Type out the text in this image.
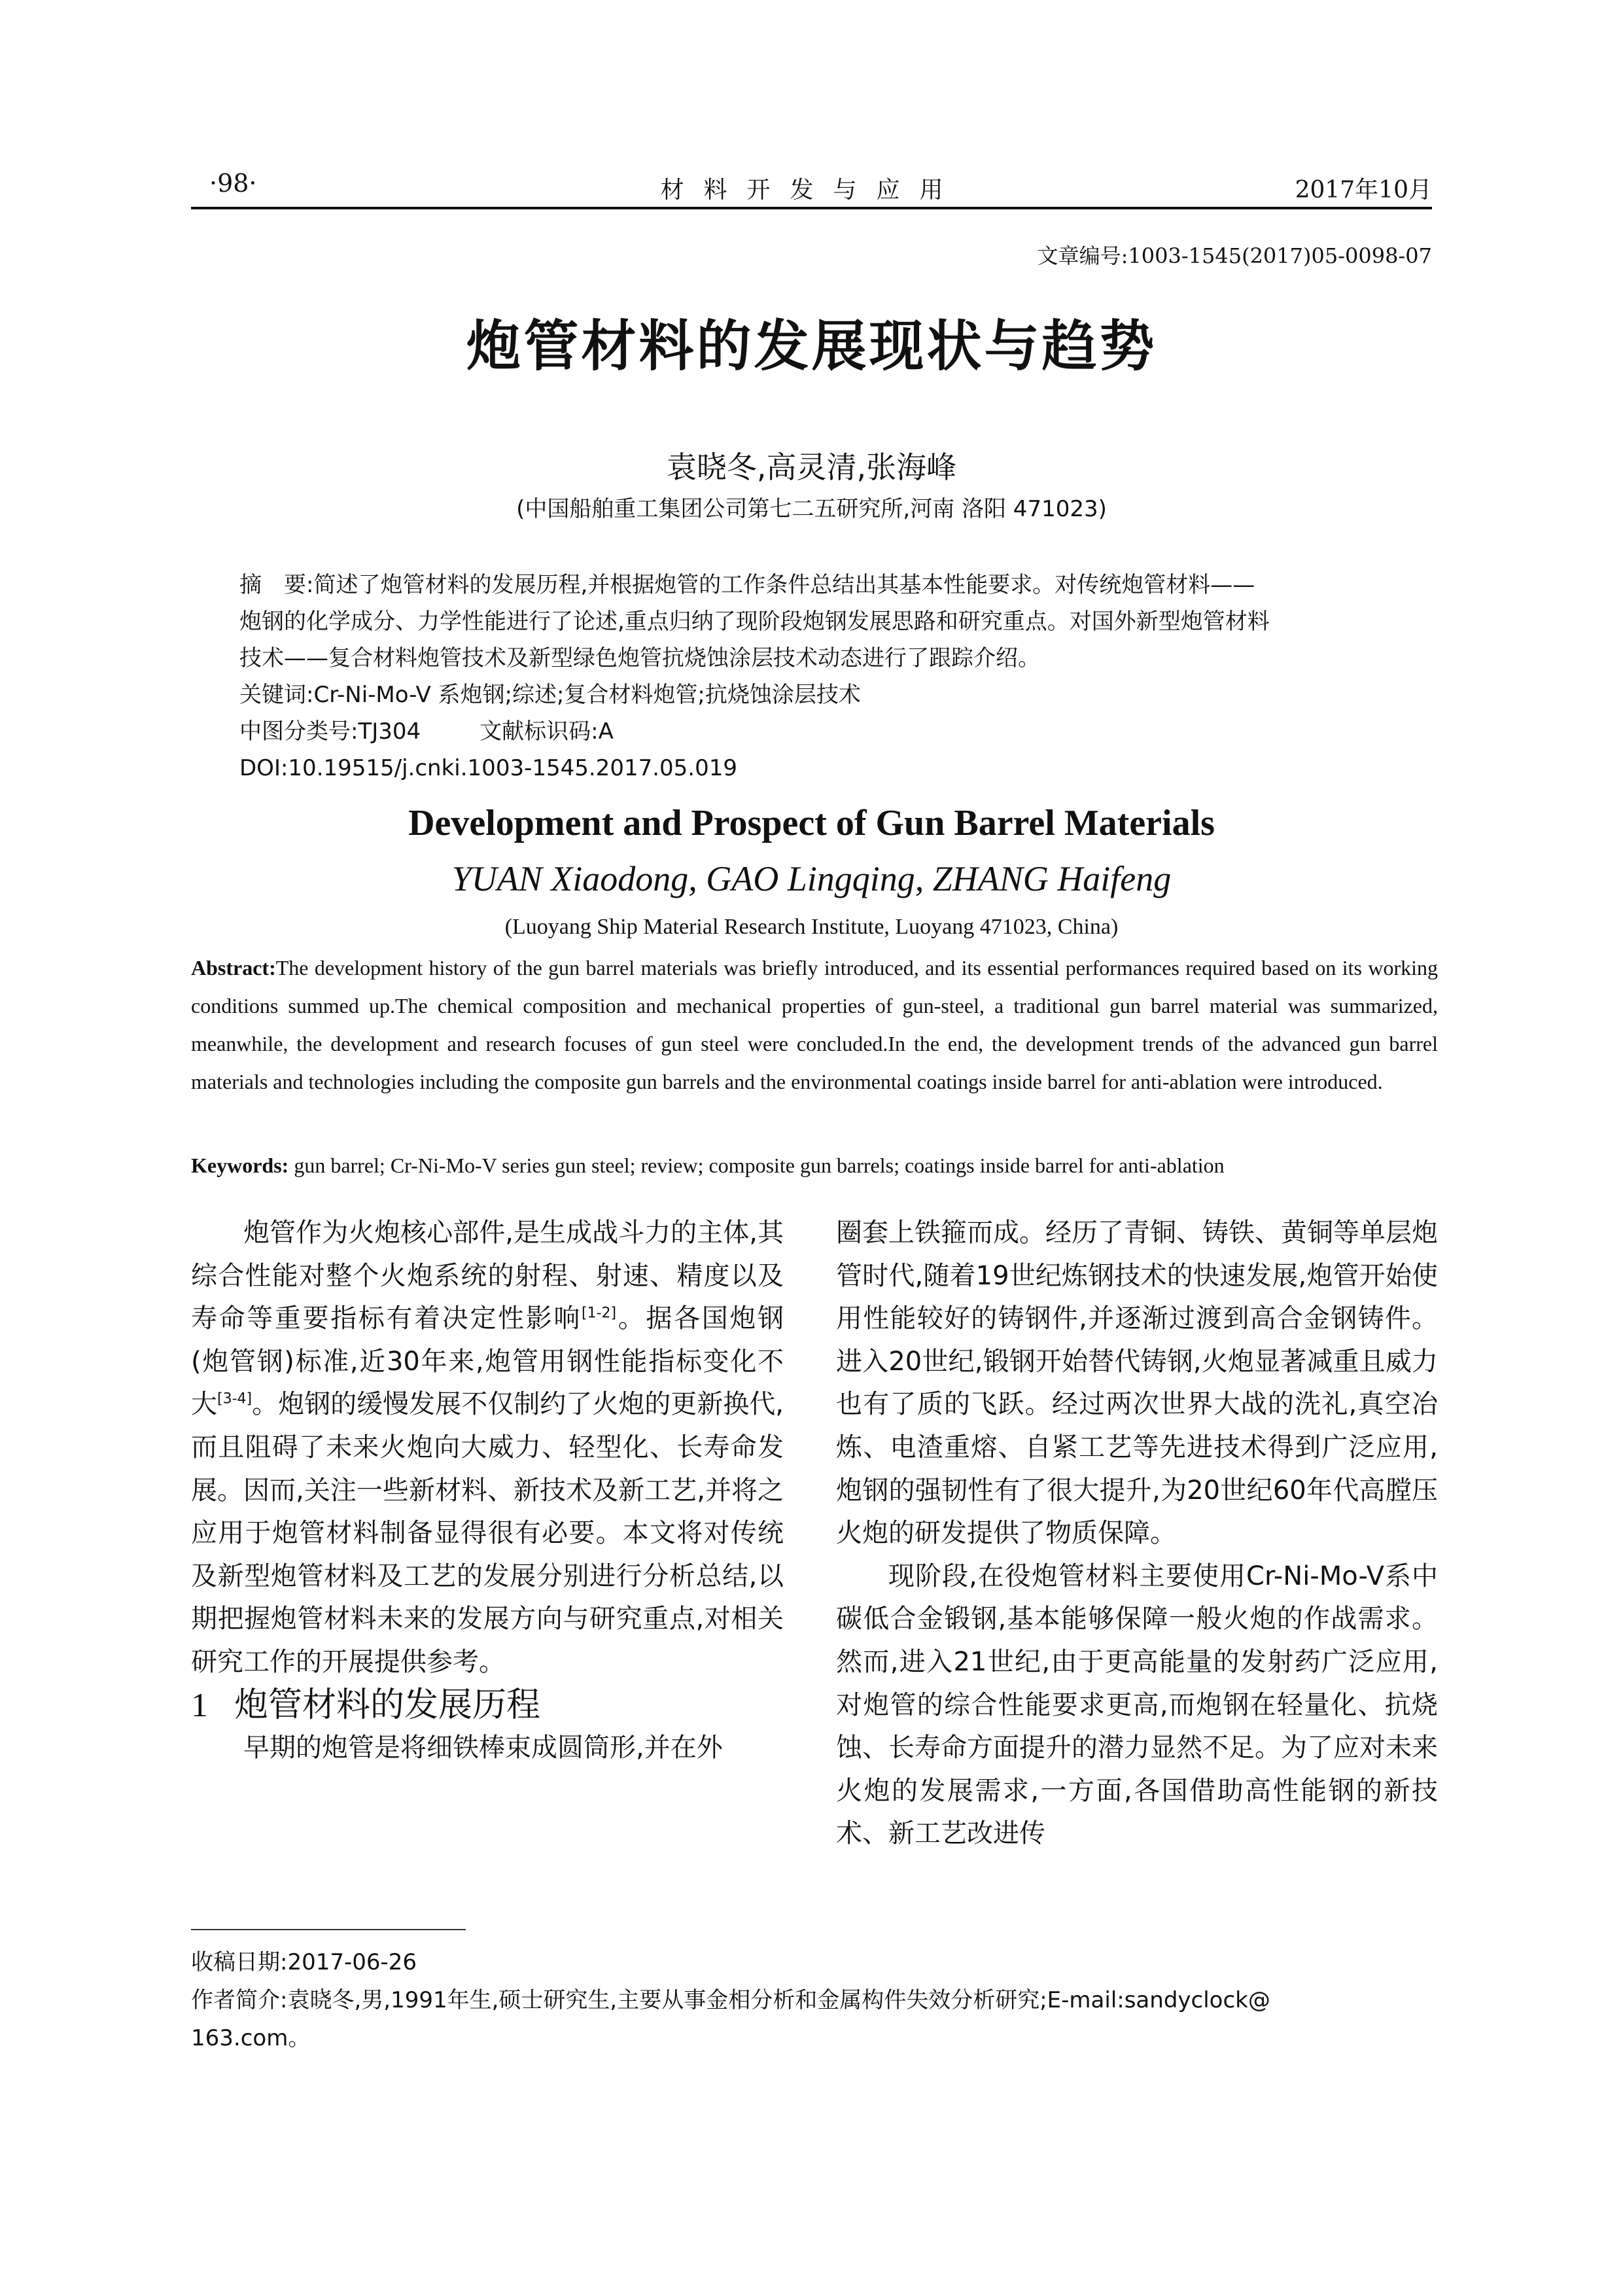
·98·	材料开发与应用	2017年10月
文章编号:1003-1545(2017)05-0098-07
炮管材料的发展现状与趋势
袁晓冬,高灵清,张海峰
(中国船舶重工集团公司第七二五研究所,河南 洛阳 471023)

摘　要:简述了炮管材料的发展历程,并根据炮管的工作条件总结出其基本性能要求。对传统炮管材料——

炮钢的化学成分、力学性能进行了论述,重点归纳了现阶段炮钢发展思路和研究重点。对国外新型炮管材料

技术——复合材料炮管技术及新型绿色炮管抗烧蚀涂层技术动态进行了跟踪介绍。

关键词:Cr-Ni-Mo-V 系炮钢;综述;复合材料炮管;抗烧蚀涂层技术
中图分类号:TJ304	文献标识码:A
DOI:10.19515/j.cnki.1003-1545.2017.05.019
Development and Prospect of Gun Barrel Materials
YUAN Xiaodong, GAO Lingqing, ZHANG Haifeng
(Luoyang Ship Material Research Institute, Luoyang 471023, China)
Abstract:The development history of the gun barrel materials was briefly introduced, and its essential performances required based on its working conditions summed up.The chemical composition and mechanical properties of gun-steel, a traditional gun barrel material was summarized, meanwhile, the development and research focuses of gun steel were concluded.In the end, the development trends of the advanced gun barrel materials and technologies including the composite gun barrels and the environmental coatings inside barrel for anti-ablation were introduced.
Keywords: gun barrel; Cr-Ni-Mo-V series gun steel; review; composite gun barrels; coatings inside barrel for anti-ablation

炮管作为火炮核心部件,是生成战斗力的主体,其综合性能对整个火炮系统的射程、射速、精度以及寿命等重要指标有着决定性影响[1-2]。据各国炮钢(炮管钢)标准,近30年来,炮管用钢性能指标变化不大[3-4]。炮钢的缓慢发展不仅制约了火炮的更新换代,而且阻碍了未来火炮向大威力、轻型化、长寿命发展。因而,关注一些新材料、新技术及新工艺,并将之应用于炮管材料制备显得很有必要。本文将对传统及新型炮管材料及工艺的发展分别进行分析总结,以期把握炮管材料未来的发展方向与研究重点,对相关研究工作的开展提供参考。

1 炮管材料的发展历程

早期的炮管是将细铁棒束成圆筒形,并在外

圈套上铁箍而成。经历了青铜、铸铁、黄铜等单层炮管时代,随着19世纪炼钢技术的快速发展,炮管开始使用性能较好的铸钢件,并逐渐过渡到高合金钢铸件。进入20世纪,锻钢开始替代铸钢,火炮显著减重且威力也有了质的飞跃。经过两次世界大战的洗礼,真空冶炼、电渣重熔、自紧工艺等先进技术得到广泛应用,炮钢的强韧性有了很大提升,为20世纪60年代高膛压火炮的研发提供了物质保障。

现阶段,在役炮管材料主要使用Cr-Ni-Mo-V系中碳低合金锻钢,基本能够保障一般火炮的作战需求。然而,进入21世纪,由于更高能量的发射药广泛应用,对炮管的综合性能要求更高,而炮钢在轻量化、抗烧蚀、长寿命方面提升的潜力显然不足。为了应对未来火炮的发展需求,一方面,各国借助高性能钢的新技术、新工艺改进传

收稿日期:2017-06-26
作者简介:袁晓冬,男,1991年生,硕士研究生,主要从事金相分析和金属构件失效分析研究;E-mail:sandyclock@
163.com。
